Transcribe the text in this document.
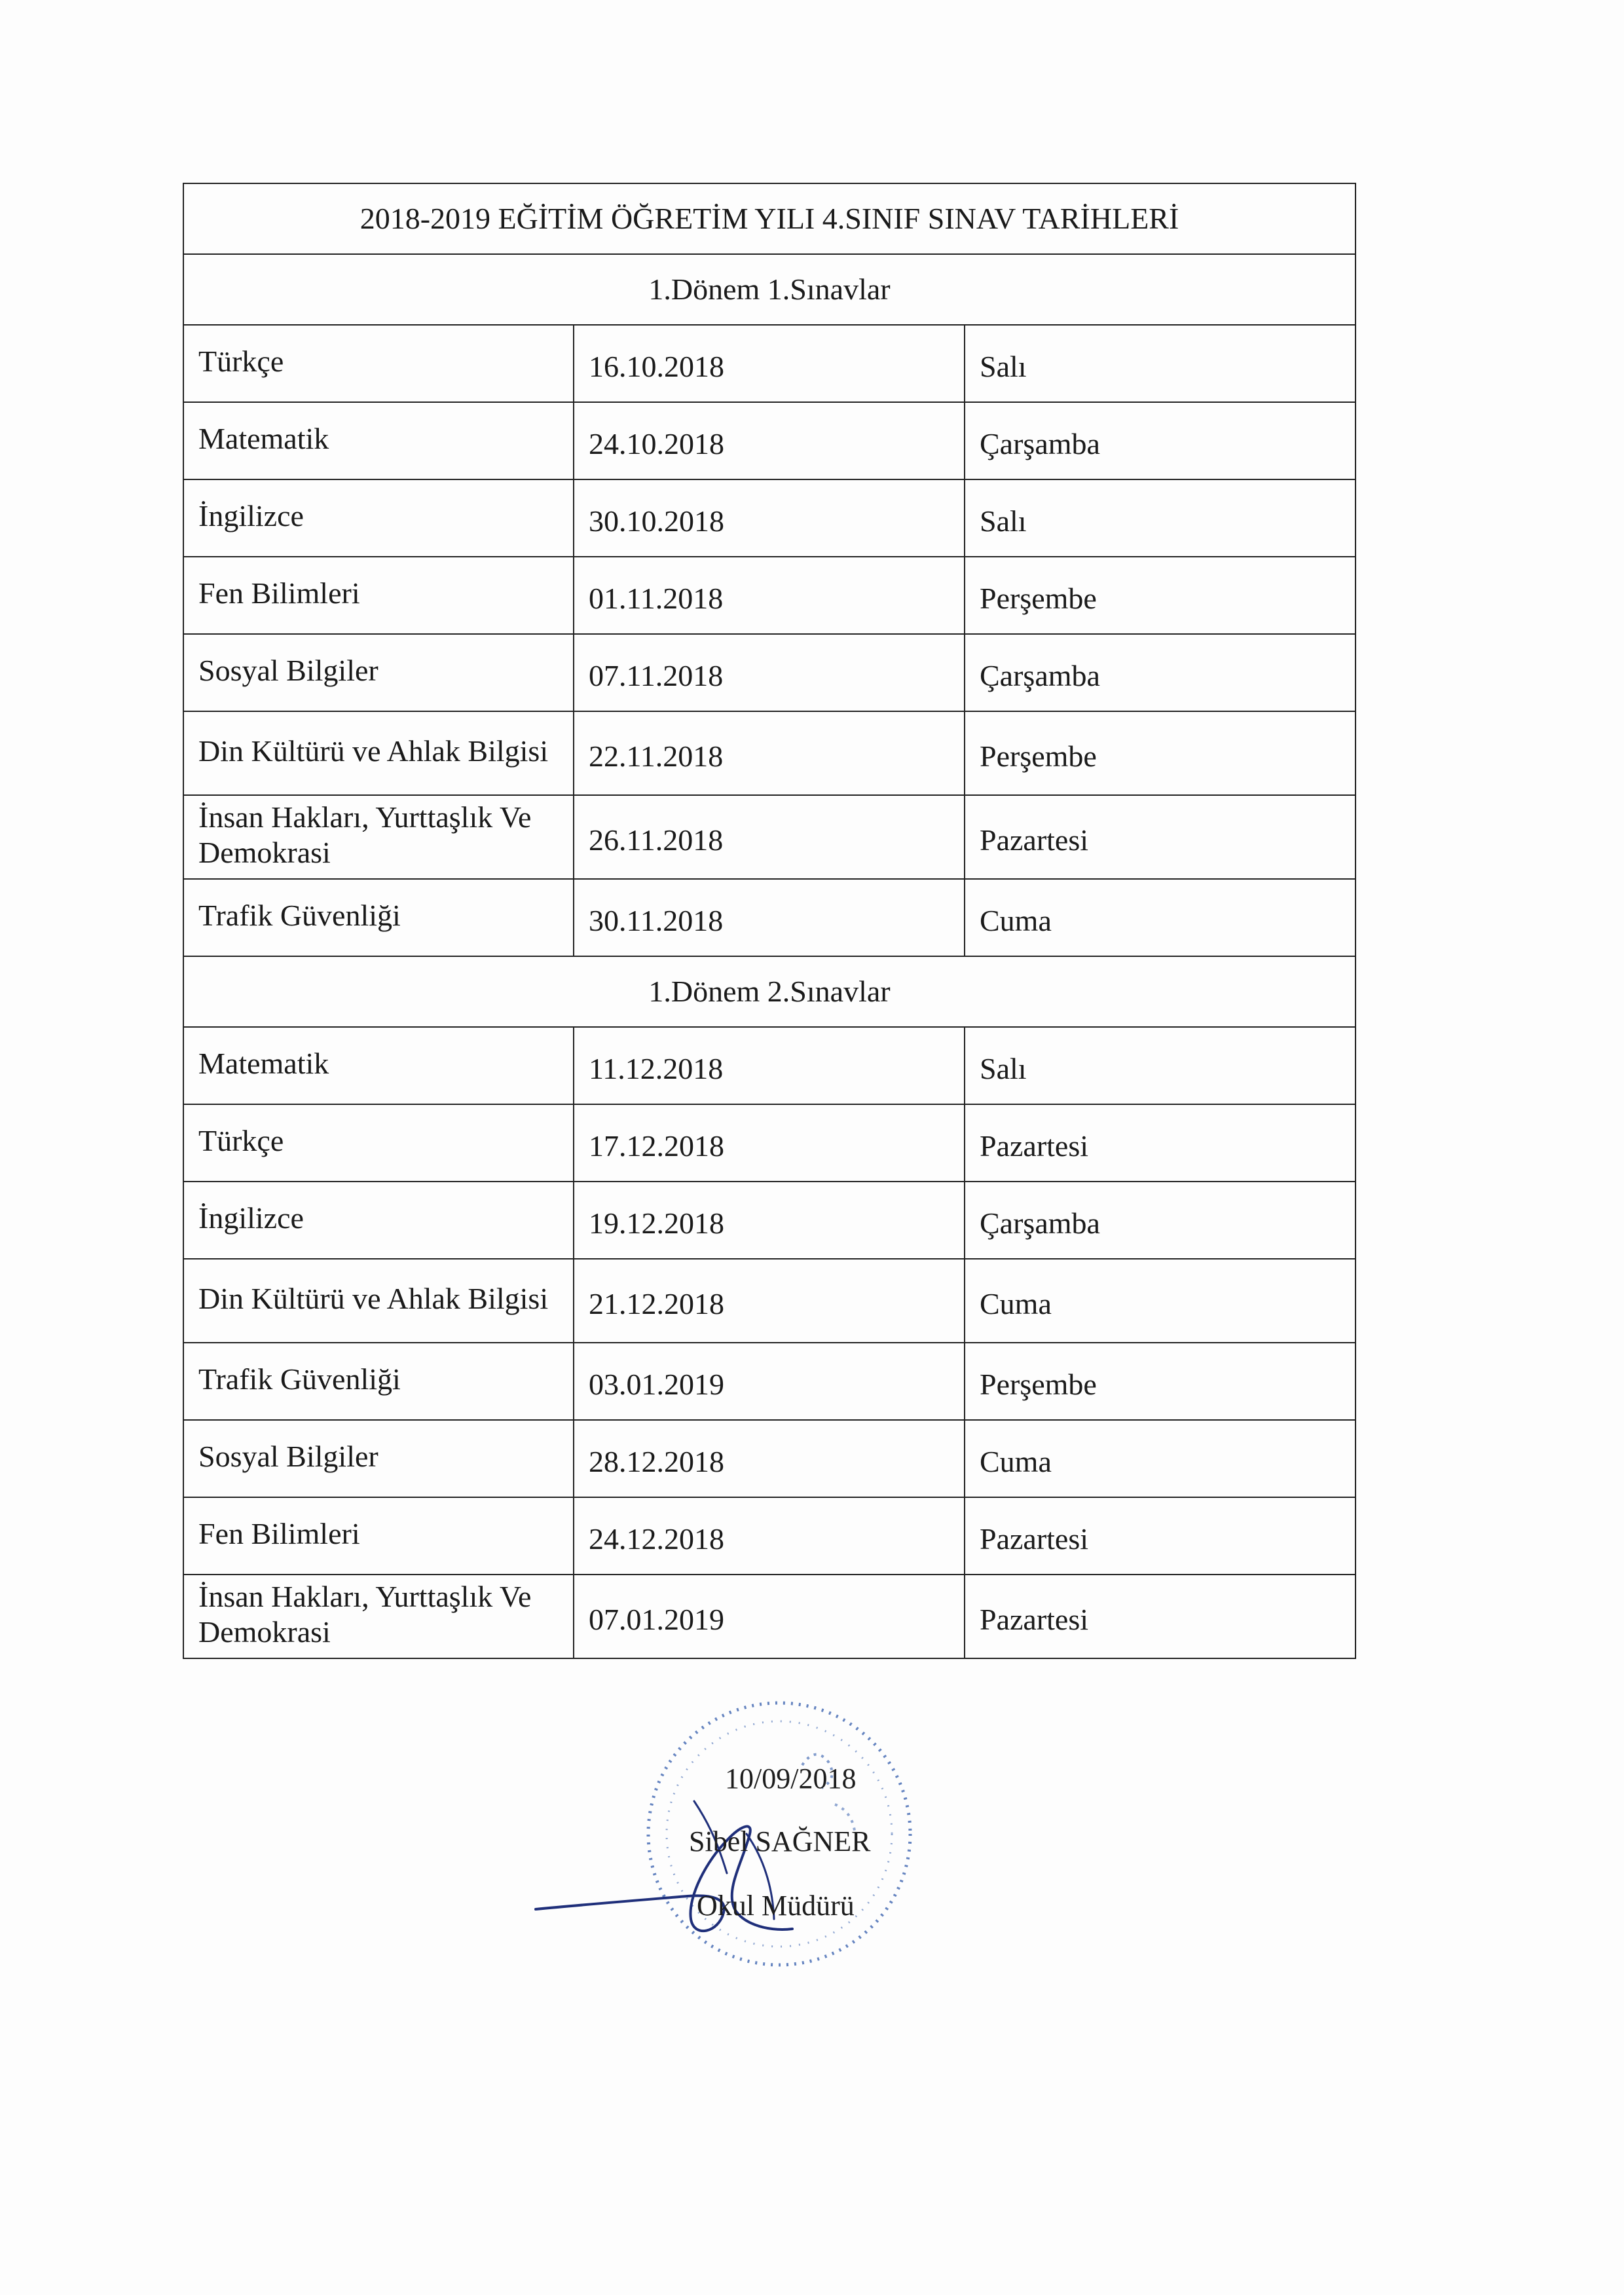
2018-2019 EĞİTİM ÖĞRETİM YILI 4.SINIF SINAV TARİHLERİ		
1.Dönem 1.Sınavlar		
Türkçe	16.10.2018	Salı
Matematik	24.10.2018	Çarşamba
İngilizce	30.10.2018	Salı
Fen Bilimleri	01.11.2018	Perşembe
Sosyal Bilgiler	07.11.2018	Çarşamba
Din Kültürü ve Ahlak Bilgisi	22.11.2018	Perşembe
İnsan Hakları, Yurttaşlık Ve Demokrasi	26.11.2018	Pazartesi
Trafik Güvenliği	30.11.2018	Cuma
1.Dönem 2.Sınavlar		
Matematik	11.12.2018	Salı
Türkçe	17.12.2018	Pazartesi
İngilizce	19.12.2018	Çarşamba
Din Kültürü ve Ahlak Bilgisi	21.12.2018	Cuma
Trafik Güvenliği	03.01.2019	Perşembe
Sosyal Bilgiler	28.12.2018	Cuma
Fen Bilimleri	24.12.2018	Pazartesi
İnsan Hakları, Yurttaşlık Ve Demokrasi	07.01.2019	Pazartesi
10/09/2018
Sibel SAĞNER
Okul Müdürü
